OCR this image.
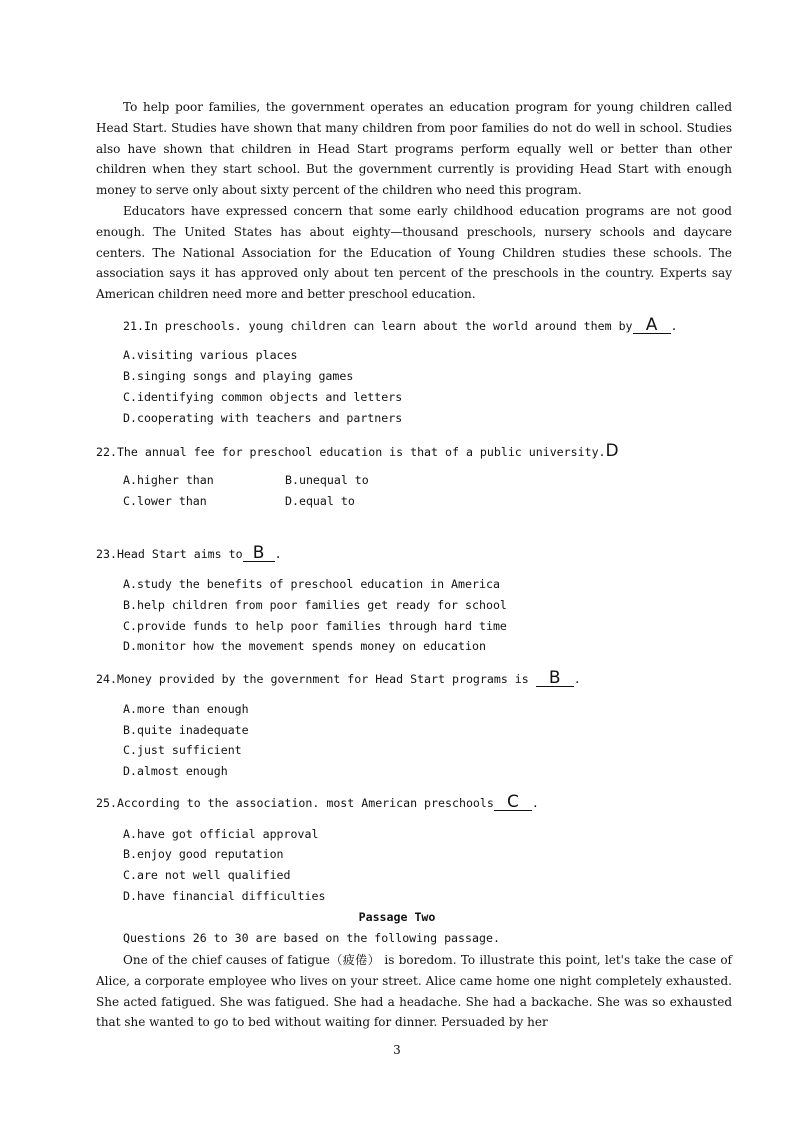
To help poor families, the government operates an education program for young children called Head Start. Studies have shown that many children from poor families do not do well in school. Studies also have shown that children in Head Start programs perform equally well or better than other children when they start school. But the government currently is providing Head Start with enough money to serve only about sixty percent of the children who need this program.
Educators have expressed concern that some early childhood education programs are not good enough. The United States has about eighty—thousand preschools, nursery schools and daycare centers. The National Association for the Education of Young Children studies these schools. The association says it has approved only about ten percent of the preschools in the country. Experts say American children need more and better preschool education.
21.In preschools. young children can learn about the world around them by A .
A.visiting various places
B.singing songs and playing games
C.identifying common objects and letters
D.cooperating with teachers and partners
22.The annual fee for preschool education is that of a public university.D
A.higher than	B.unequal to
C.lower than	D.equal to
23.Head Start aims to B .
A.study the benefits of preschool education in America
B.help children from poor families get ready for school
C.provide funds to help poor families through hard time
D.monitor how the movement spends money on education
24.Money provided by the government for Head Start programs is B .
A.more than enough
B.quite inadequate
C.just sufficient
D.almost enough
25.According to the association. most American preschools C .
A.have got official approval
B.enjoy good reputation
C.are not well qualified
D.have financial difficulties
Passage Two
Questions 26 to 30 are based on the following passage.
One of the chief causes of fatigue（疲倦） is boredom. To illustrate this point, let's take the case of Alice, a corporate employee who lives on your street. Alice came home one night completely exhausted. She acted fatigued. She was fatigued. She had a headache. She had a backache. She was so exhausted that she wanted to go to bed without waiting for dinner. Persuaded by her
3
